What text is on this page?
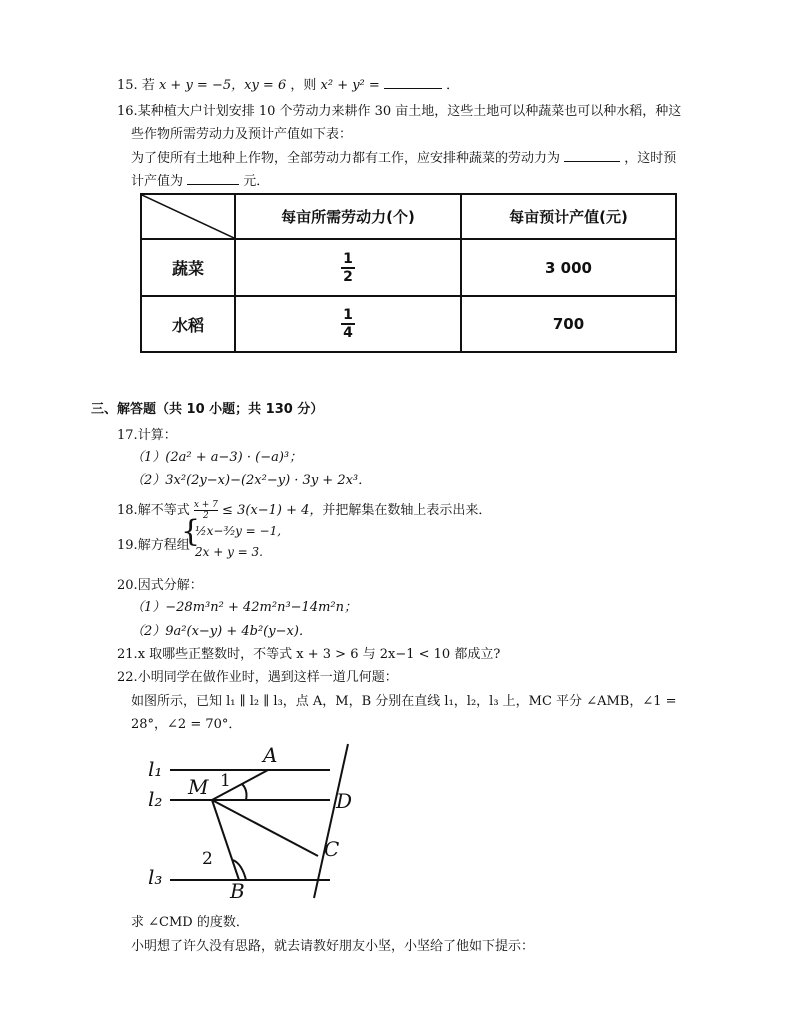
15. 若 x + y = −5，xy = 6 ，则 x² + y² =	．
16.某种植大户计划安排 10 个劳动力来耕作 30 亩土地，这些土地可以种蔬菜也可以种水稻，种这
些作物所需劳动力及预计产值如下表：
为了使所有土地种上作物，全部劳动力都有工作，应安排种蔬菜的劳动力为	，这时预
计产值为	元．
	每亩所需劳动力(个)	每亩预计产值(元)
蔬菜	$\frac{1}{2}$	3 000
水稻	$\frac{1}{4}$	700
三、解答题（共 10 小题；共 130 分）
17.计算：
（1）(2a² + a−3) · (−a)³；
（2）3x²(2y−x)−(2x²−y) · 3y + 2x³．
18.解不等式 $\frac{x + 7}{2} \le 3(x-1) + 4$，并把解集在数轴上表示出来．
19.解方程组
{
½x−³⁄₂y = −1,
2x + y = 3.
20.因式分解：
（1）−28m³n² + 42m²n³−14m²n；
（2）9a²(x−y) + 4b²(y−x)．
21.x 取哪些正整数时，不等式 x + 3 > 6 与 2x−1 < 10 都成立?
22.小明同学在做作业时，遇到这样一道几何题：
如图所示，已知 l₁ ∥ l₂ ∥ l₃，点 A，M，B 分别在直线 l₁，l₂，l₃ 上，MC 平分 ∠AMB，∠1 =
28°，∠2 = 70°．
l₁
l₂
l₃
A
M
D
C
B
1
2
求 ∠CMD 的度数．
小明想了许久没有思路，就去请教好朋友小坚，小坚给了他如下提示：
